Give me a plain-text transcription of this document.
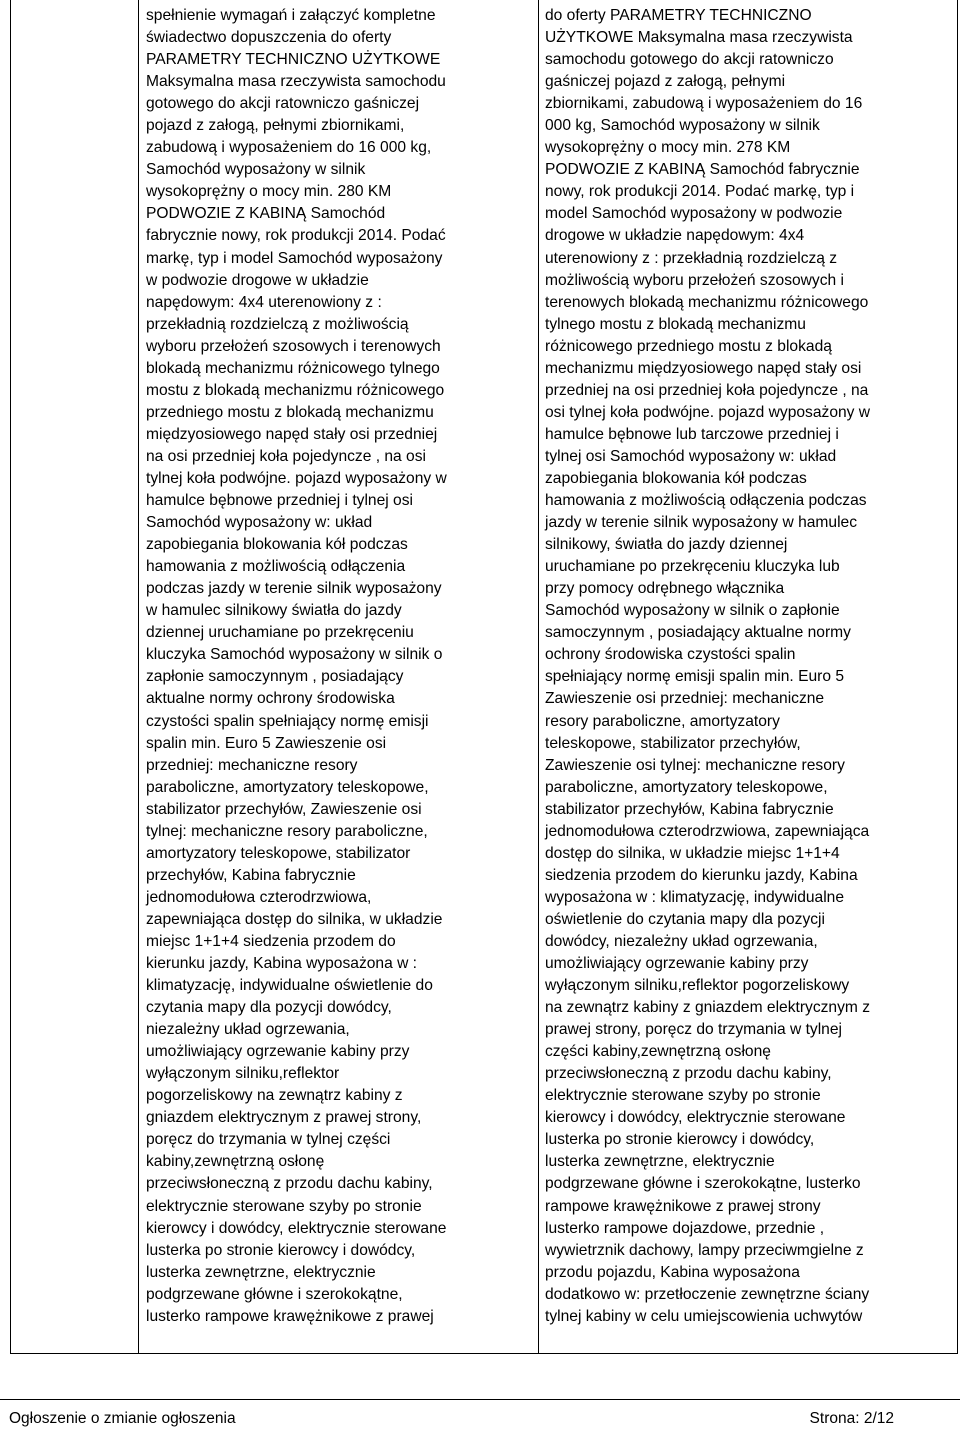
spełnienie wymagań i załączyć kompletne
świadectwo dopuszczenia do oferty
PARAMETRY TECHNICZNO UŻYTKOWE
Maksymalna masa rzeczywista samochodu
gotowego do akcji ratowniczo gaśniczej
pojazd z załogą, pełnymi zbiornikami,
zabudową i wyposażeniem do 16 000 kg,
Samochód wyposażony w silnik
wysokoprężny o mocy min. 280 KM
PODWOZIE Z KABINĄ Samochód
fabrycznie nowy, rok produkcji 2014. Podać
markę, typ i model Samochód wyposażony
w podwozie drogowe w układzie
napędowym: 4x4 uterenowiony z :
przekładnią rozdzielczą z możliwością
wyboru przełożeń szosowych i terenowych
blokadą mechanizmu różnicowego tylnego
mostu z blokadą mechanizmu różnicowego
przedniego mostu z blokadą mechanizmu
międzyosiowego napęd stały osi przedniej
na osi przedniej koła pojedyncze , na osi
tylnej koła podwójne. pojazd wyposażony w
hamulce bębnowe przedniej i tylnej osi
Samochód wyposażony w: układ
zapobiegania blokowania kół podczas
hamowania z możliwością odłączenia
podczas jazdy w terenie silnik wyposażony
w hamulec silnikowy światła do jazdy
dziennej uruchamiane po przekręceniu
kluczyka Samochód wyposażony w silnik o
zapłonie samoczynnym , posiadający
aktualne normy ochrony środowiska
czystości spalin spełniający normę emisji
spalin min. Euro 5 Zawieszenie osi
przedniej: mechaniczne resory
paraboliczne, amortyzatory teleskopowe,
stabilizator przechyłów, Zawieszenie osi
tylnej: mechaniczne resory paraboliczne,
amortyzatory teleskopowe, stabilizator
przechyłów, Kabina fabrycznie
jednomodułowa czterodrzwiowa,
zapewniająca dostęp do silnika, w układzie
miejsc 1+1+4 siedzenia przodem do
kierunku jazdy, Kabina wyposażona w :
klimatyzację, indywidualne oświetlenie do
czytania mapy dla pozycji dowódcy,
niezależny układ ogrzewania,
umożliwiający ogrzewanie kabiny przy
wyłączonym silniku,reflektor
pogorzeliskowy na zewnątrz kabiny z
gniazdem elektrycznym z prawej strony,
poręcz do trzymania w tylnej części
kabiny,zewnętrzną osłonę
przeciwsłoneczną z przodu dachu kabiny,
elektrycznie sterowane szyby po stronie
kierowcy i dowódcy, elektrycznie sterowane
lusterka po stronie kierowcy i dowódcy,
lusterka zewnętrzne, elektrycznie
podgrzewane główne i szerokokątne,
lusterko rampowe krawężnikowe z prawej

do oferty PARAMETRY TECHNICZNO
UŻYTKOWE Maksymalna masa rzeczywista
samochodu gotowego do akcji ratowniczo
gaśniczej pojazd z załogą, pełnymi
zbiornikami, zabudową i wyposażeniem do 16
000 kg, Samochód wyposażony w silnik
wysokoprężny o mocy min. 278 KM
PODWOZIE Z KABINĄ Samochód fabrycznie
nowy, rok produkcji 2014. Podać markę, typ i
model Samochód wyposażony w podwozie
drogowe w układzie napędowym: 4x4
uterenowiony z : przekładnią rozdzielczą z
możliwością wyboru przełożeń szosowych i
terenowych blokadą mechanizmu różnicowego
tylnego mostu z blokadą mechanizmu
różnicowego przedniego mostu z blokadą
mechanizmu międzyosiowego napęd stały osi
przedniej na osi przedniej koła pojedyncze , na
osi tylnej koła podwójne. pojazd wyposażony w
hamulce bębnowe lub tarczowe przedniej i
tylnej osi Samochód wyposażony w: układ
zapobiegania blokowania kół podczas
hamowania z możliwością odłączenia podczas
jazdy w terenie silnik wyposażony w hamulec
silnikowy, światła do jazdy dziennej
uruchamiane po przekręceniu kluczyka lub
przy pomocy odrębnego włącznika
Samochód wyposażony w silnik o zapłonie
samoczynnym , posiadający aktualne normy
ochrony środowiska czystości spalin
spełniający normę emisji spalin min. Euro 5
Zawieszenie osi przedniej: mechaniczne
resory paraboliczne, amortyzatory
teleskopowe, stabilizator przechyłów,
Zawieszenie osi tylnej: mechaniczne resory
paraboliczne, amortyzatory teleskopowe,
stabilizator przechyłów, Kabina fabrycznie
jednomodułowa czterodrzwiowa, zapewniająca
dostęp do silnika, w układzie miejsc 1+1+4
siedzenia przodem do kierunku jazdy, Kabina
wyposażona w : klimatyzację, indywidualne
oświetlenie do czytania mapy dla pozycji
dowódcy, niezależny układ ogrzewania,
umożliwiający ogrzewanie kabiny przy
wyłączonym silniku,reflektor pogorzeliskowy
na zewnątrz kabiny z gniazdem elektrycznym z
prawej strony, poręcz do trzymania w tylnej
części kabiny,zewnętrzną osłonę
przeciwsłoneczną z przodu dachu kabiny,
elektrycznie sterowane szyby po stronie
kierowcy i dowódcy, elektrycznie sterowane
lusterka po stronie kierowcy i dowódcy,
lusterka zewnętrzne, elektrycznie
podgrzewane główne i szerokokątne, lusterko
rampowe krawężnikowe z prawej strony
lusterko rampowe dojazdowe, przednie ,
wywietrznik dachowy, lampy przeciwmgielne z
przodu pojazdu, Kabina wyposażona
dodatkowo w: przetłoczenie zewnętrzne ściany
tylnej kabiny w celu umiejscowienia uchwytów

Ogłoszenie o zmianie ogłoszenia	Strona: 2/12
